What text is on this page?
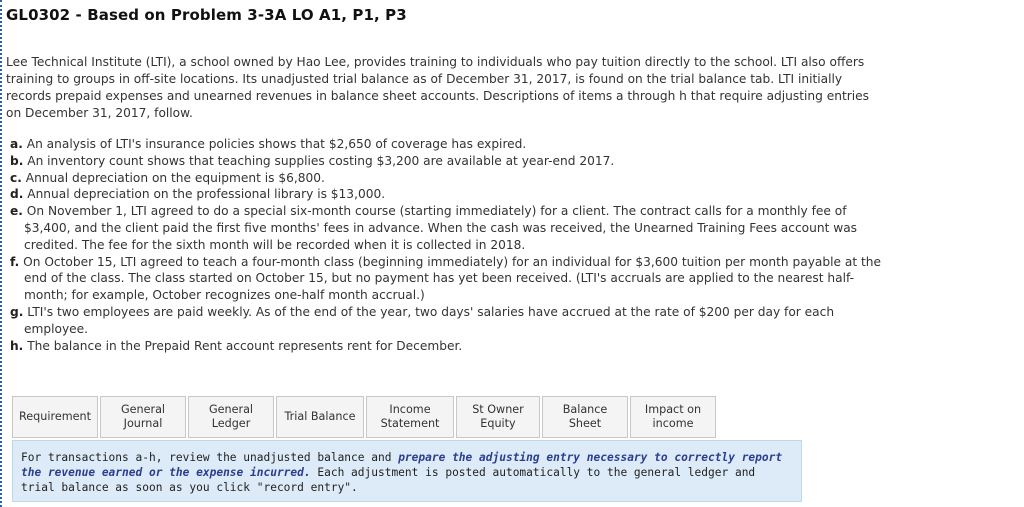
GL0302 - Based on Problem 3-3A LO A1, P1, P3

Lee Technical Institute (LTI), a school owned by Hao Lee, provides training to individuals who pay tuition directly to the school. LTI also offers training to groups in off-site locations. Its unadjusted trial balance as of December 31, 2017, is found on the trial balance tab. LTI initially records prepaid expenses and unearned revenues in balance sheet accounts. Descriptions of items a through h that require adjusting entries on December 31, 2017, follow.

a. An analysis of LTI's insurance policies shows that $2,650 of coverage has expired.
b. An inventory count shows that teaching supplies costing $3,200 are available at year-end 2017.
c. Annual depreciation on the equipment is $6,800.
d. Annual depreciation on the professional library is $13,000.
e. On November 1, LTI agreed to do a special six-month course (starting immediately) for a client. The contract calls for a monthly fee of $3,400, and the client paid the first five months' fees in advance. When the cash was received, the Unearned Training Fees account was credited. The fee for the sixth month will be recorded when it is collected in 2018.
f. On October 15, LTI agreed to teach a four-month class (beginning immediately) for an individual for $3,600 tuition per month payable at the end of the class. The class started on October 15, but no payment has yet been received. (LTI's accruals are applied to the nearest half-month; for example, October recognizes one-half month accrual.)
g. LTI's two employees are paid weekly. As of the end of the year, two days' salaries have accrued at the rate of $200 per day for each employee.
h. The balance in the Prepaid Rent account represents rent for December.
Requirement
General
Journal
General
Ledger
Trial Balance
Income
Statement
St Owner
Equity
Balance Sheet
Impact on
income
For transactions a-h, review the unadjusted balance and prepare the adjusting entry necessary to correctly report the revenue earned or the expense incurred. Each adjustment is posted automatically to the general ledger and trial balance as soon as you click "record entry".
